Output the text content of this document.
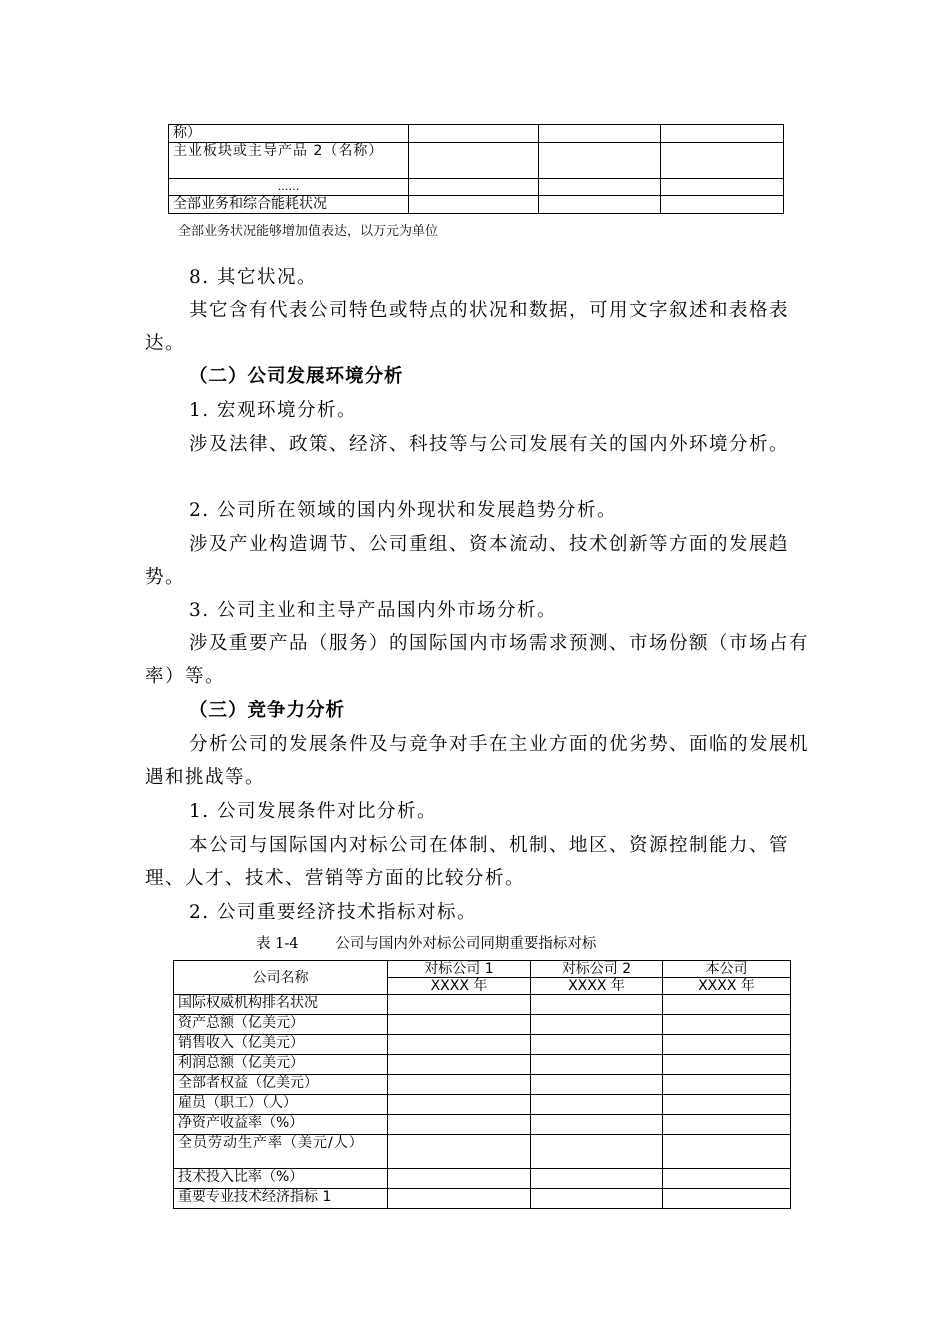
称）			
主业板块或主导产品 2（名称）			
……			
全部业务和综合能耗状况			
全部业务状况能够增加值表达，以万元为单位

8. 其它状况。

其它含有代表公司特色或特点的状况和数据，可用文字叙述和表格表达。

（二）公司发展环境分析

1. 宏观环境分析。

涉及法律、政策、经济、科技等与公司发展有关的国内外环境分析。

2. 公司所在领域的国内外现状和发展趋势分析。

涉及产业构造调节、公司重组、资本流动、技术创新等方面的发展趋势。

3. 公司主业和主导产品国内外市场分析。

涉及重要产品（服务）的国际国内市场需求预测、市场份额（市场占有率）等。

（三）竞争力分析

分析公司的发展条件及与竞争对手在主业方面的优劣势、面临的发展机遇和挑战等。

1. 公司发展条件对比分析。

本公司与国际国内对标公司在体制、机制、地区、资源控制能力、管理、人才、技术、营销等方面的比较分析。

2. 公司重要经济技术指标对标。

表 1-4        公司与国内外对标公司同期重要指标对标
公司名称	对标公司 1	对标公司 2	本公司
	XXXX 年	XXXX 年	XXXX 年
国际权威机构排名状况			
资产总额（亿美元）			
销售收入（亿美元）			
利润总额（亿美元）			
全部者权益（亿美元）			
雇员（职工）（人）			
净资产收益率（%）			
全员劳动生产率（美元/人）			
技术投入比率（%）			
重要专业技术经济指标 1			
